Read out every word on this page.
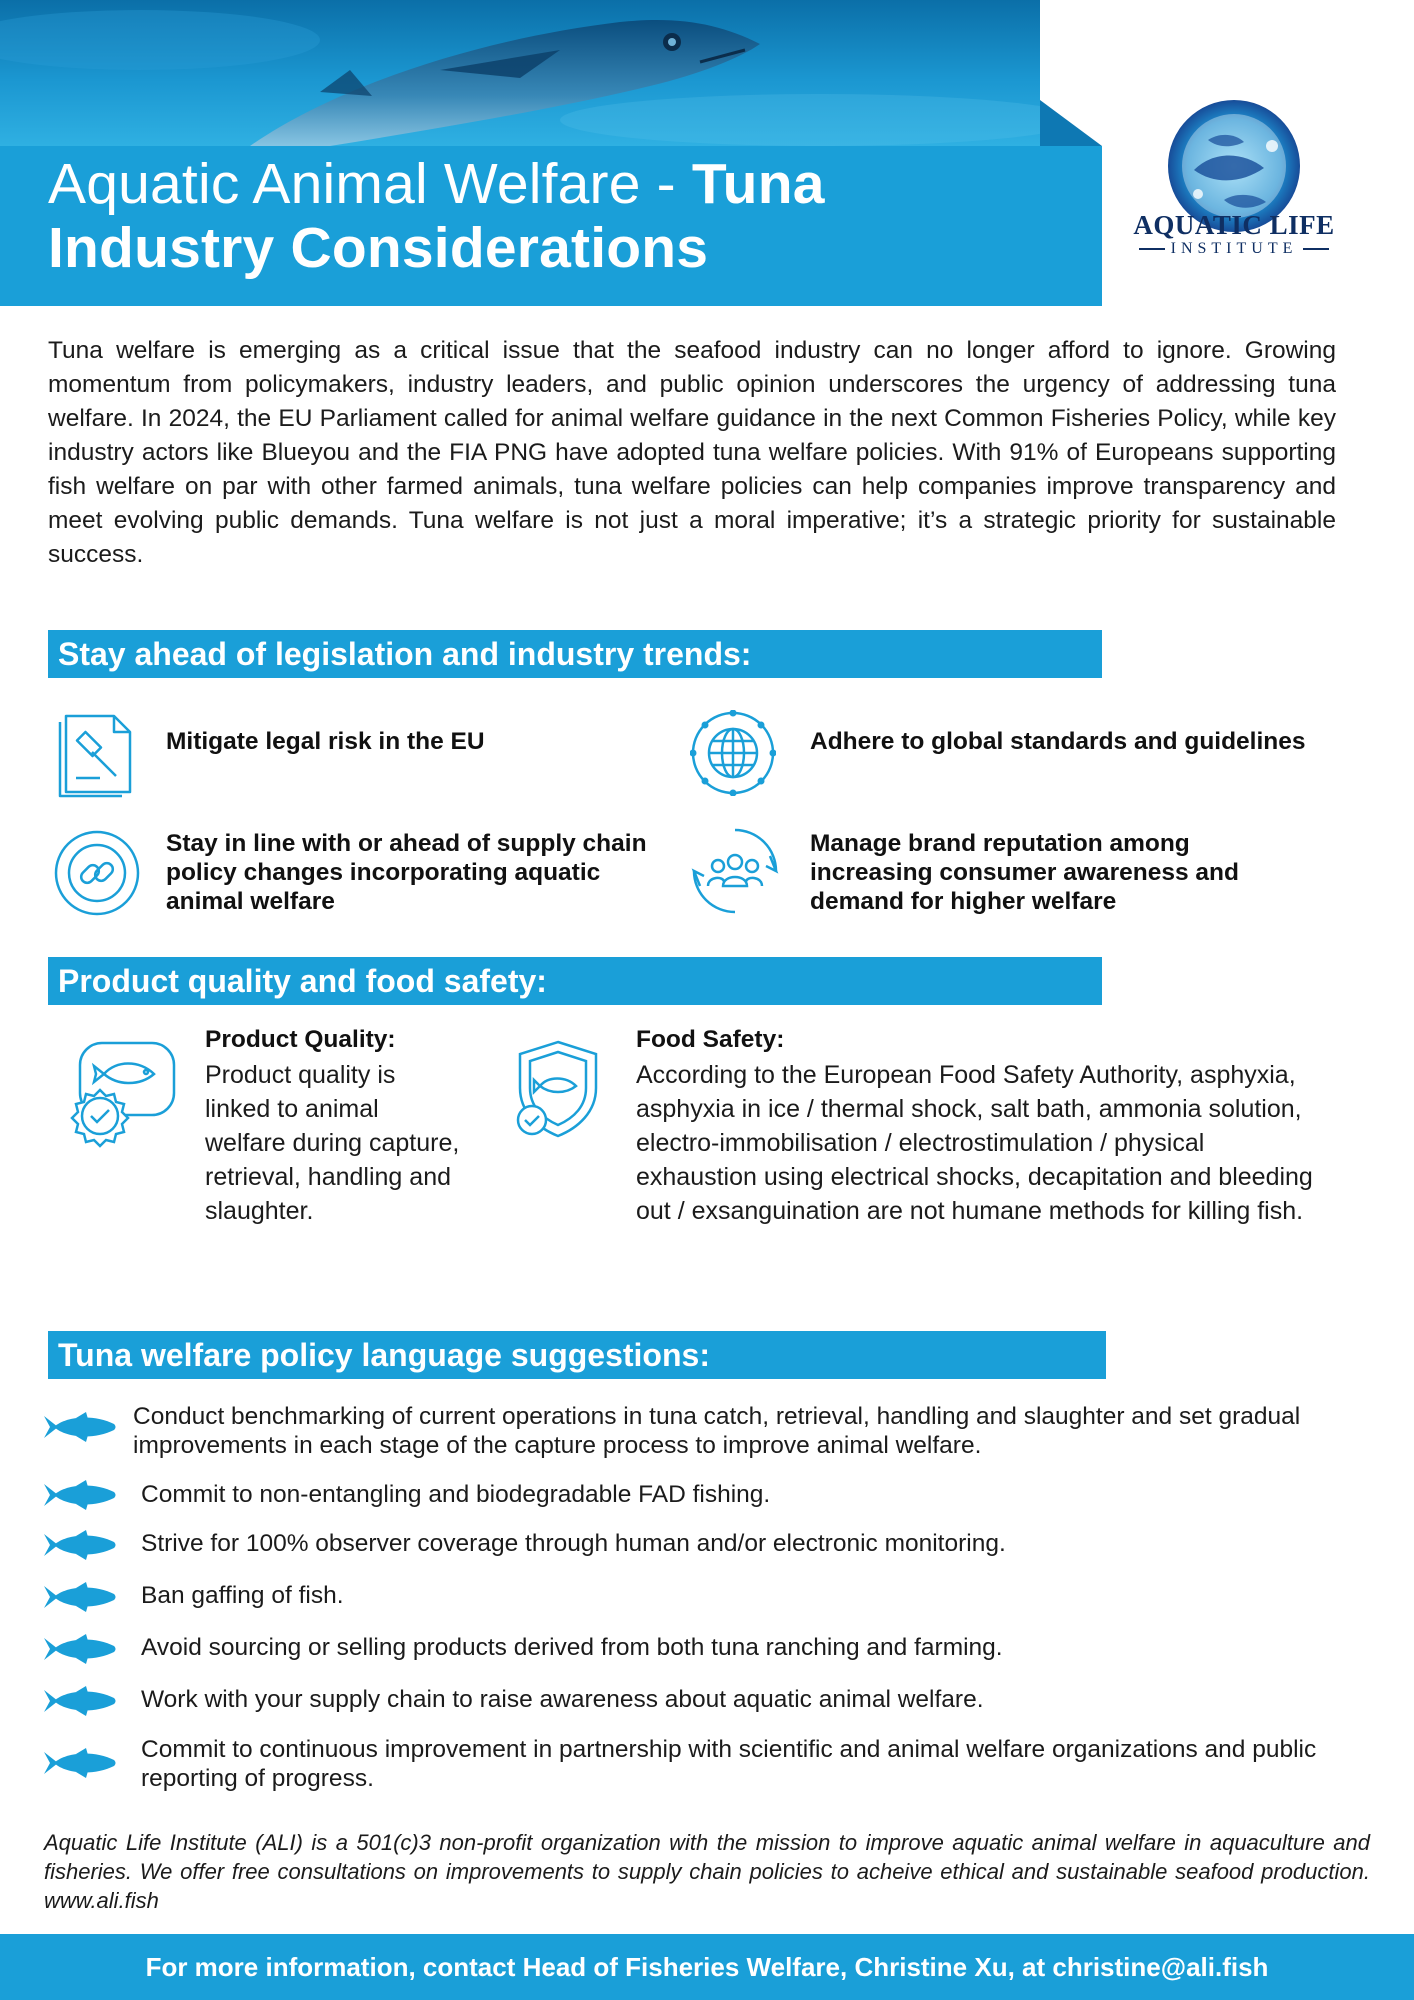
Aquatic Animal Welfare - Tuna
Industry Considerations	AQUATIC LIFE
INSTITUTE

Tuna welfare is emerging as a critical issue that the seafood industry can no longer afford to ignore. Growing momentum from policymakers, industry leaders, and public opinion underscores the urgency of addressing tuna welfare. In 2024, the EU Parliament called for animal welfare guidance in the next Common Fisheries Policy, while key industry actors like Blueyou and the FIA PNG have adopted tuna welfare policies. With 91% of Europeans supporting fish welfare on par with other farmed animals, tuna welfare policies can help companies improve transparency and meet evolving public demands. Tuna welfare is not just a moral imperative; it’s a strategic priority for sustainable success.

Stay ahead of legislation and industry trends:
Mitigate legal risk in the EU	Adhere to global standards and guidelines
Stay in line with or ahead of supply chain policy changes incorporating aquatic animal welfare
Manage brand reputation among increasing consumer awareness and demand for higher welfare
Product quality and food safety:
Product Quality:
Product quality is linked to animal welfare during capture, retrieval, handling and slaughter.
Food Safety:
According to the European Food Safety Authority, asphyxia, asphyxia in ice / thermal shock, salt bath, ammonia solution, electro-immobilisation / electrostimulation / physical exhaustion using electrical shocks, decapitation and bleeding out / exsanguination are not humane methods for killing fish.
Tuna welfare policy language suggestions:
Conduct benchmarking of current operations in tuna catch, retrieval, handling and slaughter and set gradual improvements in each stage of the capture process to improve animal welfare.
Commit to non-entangling and biodegradable FAD fishing.
Strive for 100% observer coverage through human and/or electronic monitoring.
Ban gaffing of fish.
Avoid sourcing or selling products derived from both tuna ranching and farming.
Work with your supply chain to raise awareness about aquatic animal welfare.
Commit to continuous improvement in partnership with scientific and animal welfare organizations and public reporting of progress.

Aquatic Life Institute (ALI) is a 501(c)3 non-profit organization with the mission to improve aquatic animal welfare in aquaculture and fisheries. We offer free consultations on improvements to supply chain policies to acheive ethical and sustainable seafood production. www.ali.fish

For more information, contact Head of Fisheries Welfare, Christine Xu, at christine@ali.fish
